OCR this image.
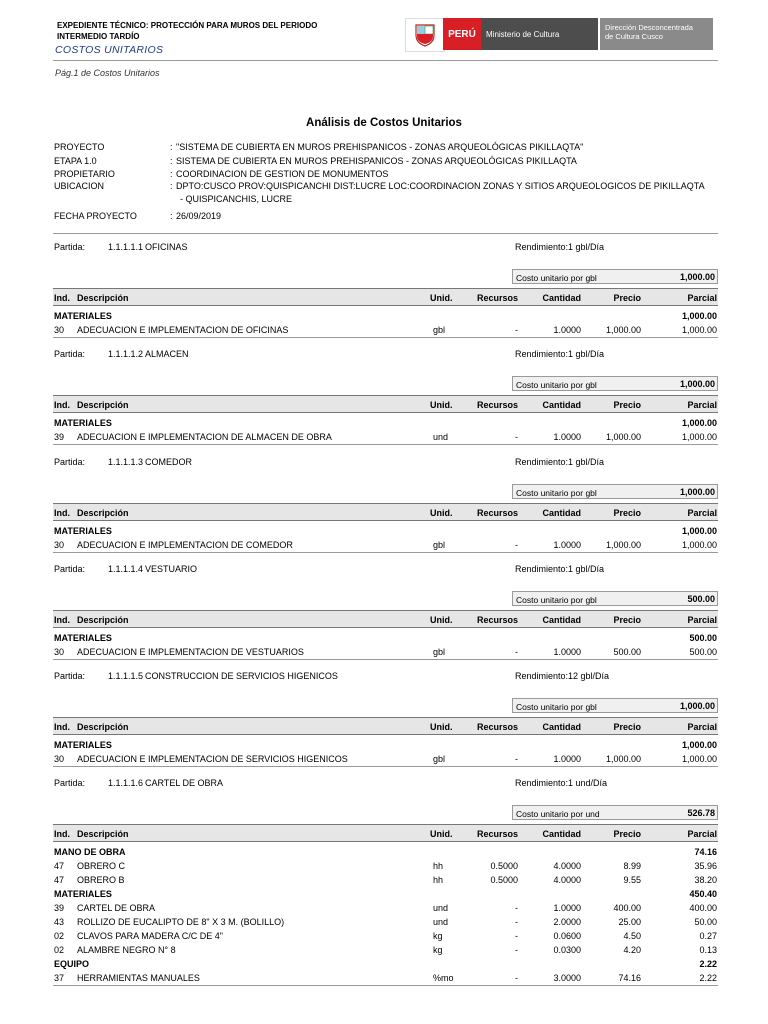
EXPEDIENTE TÉCNICO: PROTECCIÓN PARA MUROS DEL PERIODO
INTERMEDIO TARDÍO
COSTOS UNITARIOS
PERÚ	Ministerio de Cultura
Dirección Desconcentrada
de Cultura Cusco
Pág.1 de Costos Unitarios
Análisis de Costos Unitarios
PROYECTO	: "SISTEMA DE CUBIERTA EN MUROS PREHISPANICOS - ZONAS ARQUEOLÓGICAS PIKILLAQTA"
ETAPA 1.0	: SISTEMA DE CUBIERTA EN MUROS PREHISPANICOS - ZONAS ARQUEOLÓGICAS PIKILLAQTA
PROPIETARIO	: COORDINACION DE GESTION DE MONUMENTOS
UBICACION	: DPTO:CUSCO PROV:QUISPICANCHI DIST:LUCRE LOC:COORDINACION ZONAS Y SITIOS ARQUEOLOGICOS DE PIKILLAQTA
- QUISPICANCHIS, LUCRE
FECHA PROYECTO	: 26/09/2019
Partida:	1.1.1.1.1 OFICINAS	Rendimiento:1 gbl/Día
Costo unitario por gbl	1,000.00
Ind. Descripción	Unid.	Recursos	Cantidad	Precio	Parcial
MATERIALES	1,000.00
30 ADECUACION E IMPLEMENTACION DE OFICINAS	gbl	-	1.0000	1,000.00	1,000.00
Partida:	1.1.1.1.2 ALMACEN	Rendimiento:1 gbl/Día
Costo unitario por gbl	1,000.00
Ind. Descripción	Unid.	Recursos	Cantidad	Precio	Parcial
MATERIALES	1,000.00
39 ADECUACION E IMPLEMENTACION DE ALMACEN DE OBRA	und	-	1.0000	1,000.00	1,000.00
Partida:	1.1.1.1.3 COMEDOR	Rendimiento:1 gbl/Día
Costo unitario por gbl	1,000.00
Ind. Descripción	Unid.	Recursos	Cantidad	Precio	Parcial
MATERIALES	1,000.00
30 ADECUACION E IMPLEMENTACION DE COMEDOR	gbl	-	1.0000	1,000.00	1,000.00
Partida:	1.1.1.1.4 VESTUARIO	Rendimiento:1 gbl/Día
Costo unitario por gbl	500.00
Ind. Descripción	Unid.	Recursos	Cantidad	Precio	Parcial
MATERIALES	500.00
30 ADECUACION E IMPLEMENTACION DE VESTUARIOS	gbl	-	1.0000	500.00	500.00
Partida:	1.1.1.1.5 CONSTRUCCION DE SERVICIOS HIGENICOS	Rendimiento:12 gbl/Día
Costo unitario por gbl	1,000.00
Ind. Descripción	Unid.	Recursos	Cantidad	Precio	Parcial
MATERIALES	1,000.00
30 ADECUACION E IMPLEMENTACION DE SERVICIOS HIGENICOS	gbl	-	1.0000	1,000.00	1,000.00
Partida:	1.1.1.1.6 CARTEL DE OBRA	Rendimiento:1 und/Día
Costo unitario por und	526.78
Ind. Descripción	Unid.	Recursos	Cantidad	Precio	Parcial
MANO DE OBRA	74.16
47 OBRERO C	hh	0.5000	4.0000	8.99	35.96
47 OBRERO B	hh	0.5000	4.0000	9.55	38.20
MATERIALES	450.40
39 CARTEL DE OBRA	und	-	1.0000	400.00	400.00
43 ROLLIZO DE EUCALIPTO DE 8" X 3 M. (BOLILLO)	und	-	2.0000	25.00	50.00
02 CLAVOS PARA MADERA C/C DE 4"	kg	-	0.0600	4.50	0.27
02 ALAMBRE NEGRO N° 8	kg	-	0.0300	4.20	0.13
EQUIPO	2.22
37 HERRAMIENTAS MANUALES	%mo	-	3.0000	74.16	2.22
